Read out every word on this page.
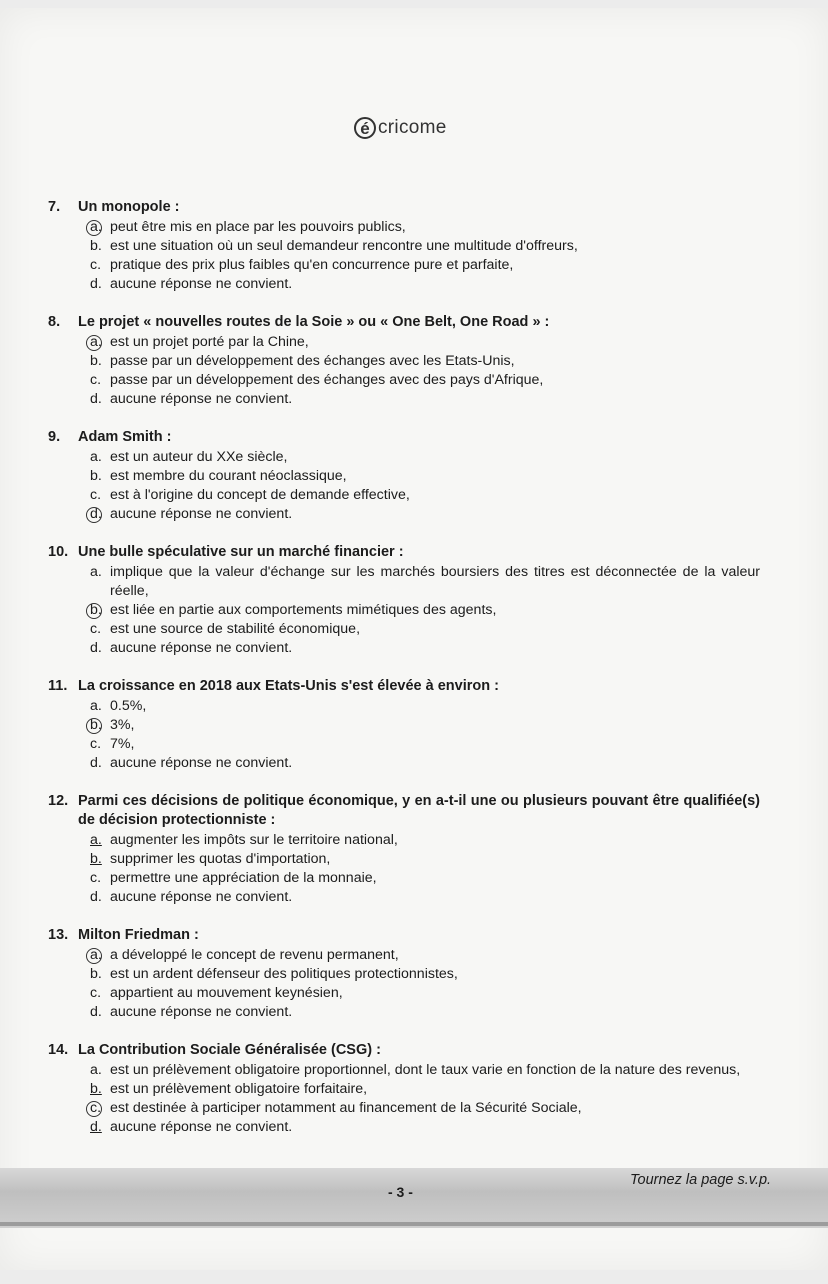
é cricome
7.	Un monopole :
a. peut être mis en place par les pouvoirs publics,
b. est une situation où un seul demandeur rencontre une multitude d'offreurs,
c. pratique des prix plus faibles qu'en concurrence pure et parfaite,
d. aucune réponse ne convient.
8.	Le projet « nouvelles routes de la Soie » ou « One Belt, One Road » :
a. est un projet porté par la Chine,
b. passe par un développement des échanges avec les Etats-Unis,
c. passe par un développement des échanges avec des pays d'Afrique,
d. aucune réponse ne convient.
9.	Adam Smith :
a. est un auteur du XXe siècle,
b. est membre du courant néoclassique,
c. est à l'origine du concept de demande effective,
d. aucune réponse ne convient.
10. Une bulle spéculative sur un marché financier :
a. implique que la valeur d'échange sur les marchés boursiers des titres est déconnectée de la valeur réelle,
b. est liée en partie aux comportements mimétiques des agents,
c. est une source de stabilité économique,
d. aucune réponse ne convient.
11. La croissance en 2018 aux Etats-Unis s'est élevée à environ :
a. 0.5%,
b. 3%,
c. 7%,
d. aucune réponse ne convient.
12. Parmi ces décisions de politique économique, y en a-t-il une ou plusieurs pouvant être qualifiée(s) de décision protectionniste :
a. augmenter les impôts sur le territoire national,
b. supprimer les quotas d'importation,
c. permettre une appréciation de la monnaie,
d. aucune réponse ne convient.
13. Milton Friedman :
a. a développé le concept de revenu permanent,
b. est un ardent défenseur des politiques protectionnistes,
c. appartient au mouvement keynésien,
d. aucune réponse ne convient.
14. La Contribution Sociale Généralisée (CSG) :
a. est un prélèvement obligatoire proportionnel, dont le taux varie en fonction de la nature des revenus,
b. est un prélèvement obligatoire forfaitaire,
c. est destinée à participer notamment au financement de la Sécurité Sociale,
d. aucune réponse ne convient.
- 3 -
Tournez la page s.v.p.
